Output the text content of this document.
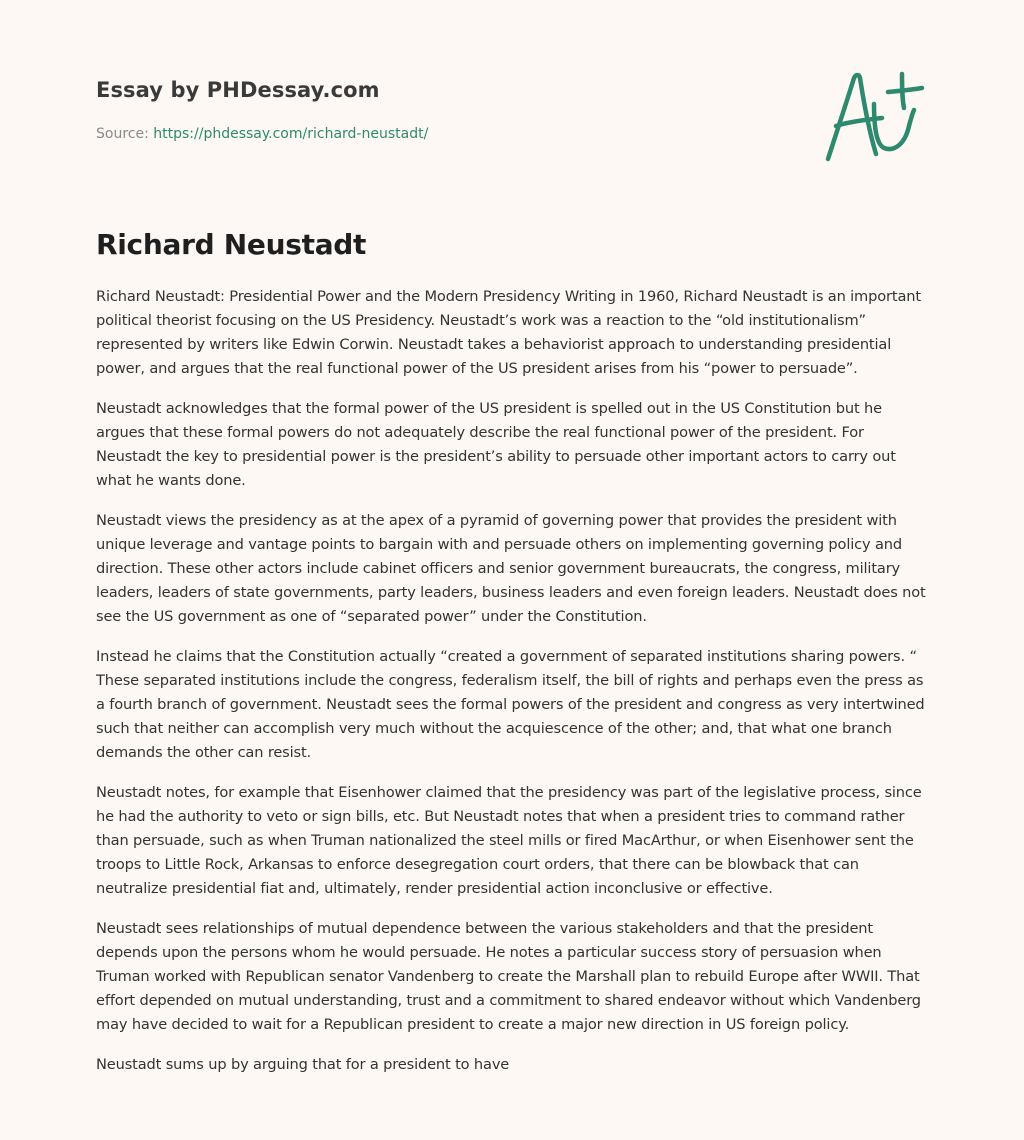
Essay by PHDessay.com
Source: https://phdessay.com/richard-neustadt/
Richard Neustadt

Richard Neustadt: Presidential Power and the Modern Presidency Writing in 1960, Richard Neustadt is an important political theorist focusing on the US Presidency. Neustadt’s work was a reaction to the “old institutionalism” represented by writers like Edwin Corwin. Neustadt takes a behaviorist approach to understanding presidential power, and argues that the real functional power of the US president arises from his “power to persuade”.

Neustadt acknowledges that the formal power of the US president is spelled out in the US Constitution but he argues that these formal powers do not adequately describe the real functional power of the president. For Neustadt the key to presidential power is the president’s ability to persuade other important actors to carry out what he wants done.

Neustadt views the presidency as at the apex of a pyramid of governing power that provides the president with unique leverage and vantage points to bargain with and persuade others on implementing governing policy and direction. These other actors include cabinet officers and senior government bureaucrats, the congress, military leaders, leaders of state governments, party leaders, business leaders and even foreign leaders. Neustadt does not see the US government as one of “separated power” under the Constitution.

Instead he claims that the Constitution actually “created a government of separated institutions sharing powers. “ These separated institutions include the congress, federalism itself, the bill of rights and perhaps even the press as a fourth branch of government. Neustadt sees the formal powers of the president and congress as very intertwined such that neither can accomplish very much without the acquiescence of the other; and, that what one branch demands the other can resist.

Neustadt notes, for example that Eisenhower claimed that the presidency was part of the legislative process, since he had the authority to veto or sign bills, etc. But Neustadt notes that when a president tries to command rather than persuade, such as when Truman nationalized the steel mills or fired MacArthur, or when Eisenhower sent the troops to Little Rock, Arkansas to enforce desegregation court orders, that there can be blowback that can neutralize presidential fiat and, ultimately, render presidential action inconclusive or effective.

Neustadt sees relationships of mutual dependence between the various stakeholders and that the president depends upon the persons whom he would persuade. He notes a particular success story of persuasion when Truman worked with Republican senator Vandenberg to create the Marshall plan to rebuild Europe after WWII. That effort depended on mutual understanding, trust and a commitment to shared endeavor without which Vandenberg may have decided to wait for a Republican president to create a major new direction in US foreign policy.

Neustadt sums up by arguing that for a president to have
